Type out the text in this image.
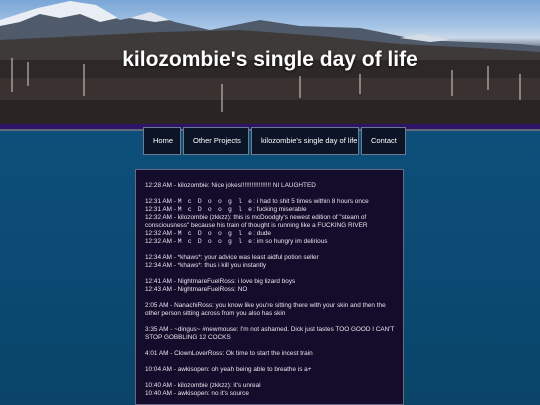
kilozombie's single day of life
Home	Other Projects	kilozombie's single day of life	Contact

12:28 AM - kilozombie: Nice jokes!!!!!!!!!!!!!!!!! NI LAUGHTED

12:31 AM - M c D o o g l e: i had to shit 5 times within 8 hours once

12:31 AM - M c D o o g l e: fucking miserable

12:32 AM - kilozombie (zkkzz): this is mcDoodgly's newest edition of "steam of consciousness" because his train of thought is running like a FUCKING RIVER

12:32 AM - M c D o o g l e: dude

12:32 AM - M c D o o g l e: im so hungry im delirious

12:34 AM - *khaws*: your advice was least aidful potion seller

12:34 AM - *khaws*: thus i kill you instantly

12:41 AM - NightmareFuelRoss: i love big lizard boys

12:43 AM - NightmareFuelRoss: NO

2:05 AM - NanachiRoss: you know like you're sitting there with your skin and then the other person sitting across from you also has skin

3:35 AM - ~dingus~ #newmouse: I'm not ashamed. Dick just tastes TOO GOOD I CAN'T STOP GOBBLING 12 COCKS

4:01 AM - ClownLoverRoss: Ok time to start the incest train

10:04 AM - awkisopen: oh yeah being able to breathe is a+

10:40 AM - kilozombie (zkkzz): it's unreal

10:40 AM - awkisopen: no it's source
